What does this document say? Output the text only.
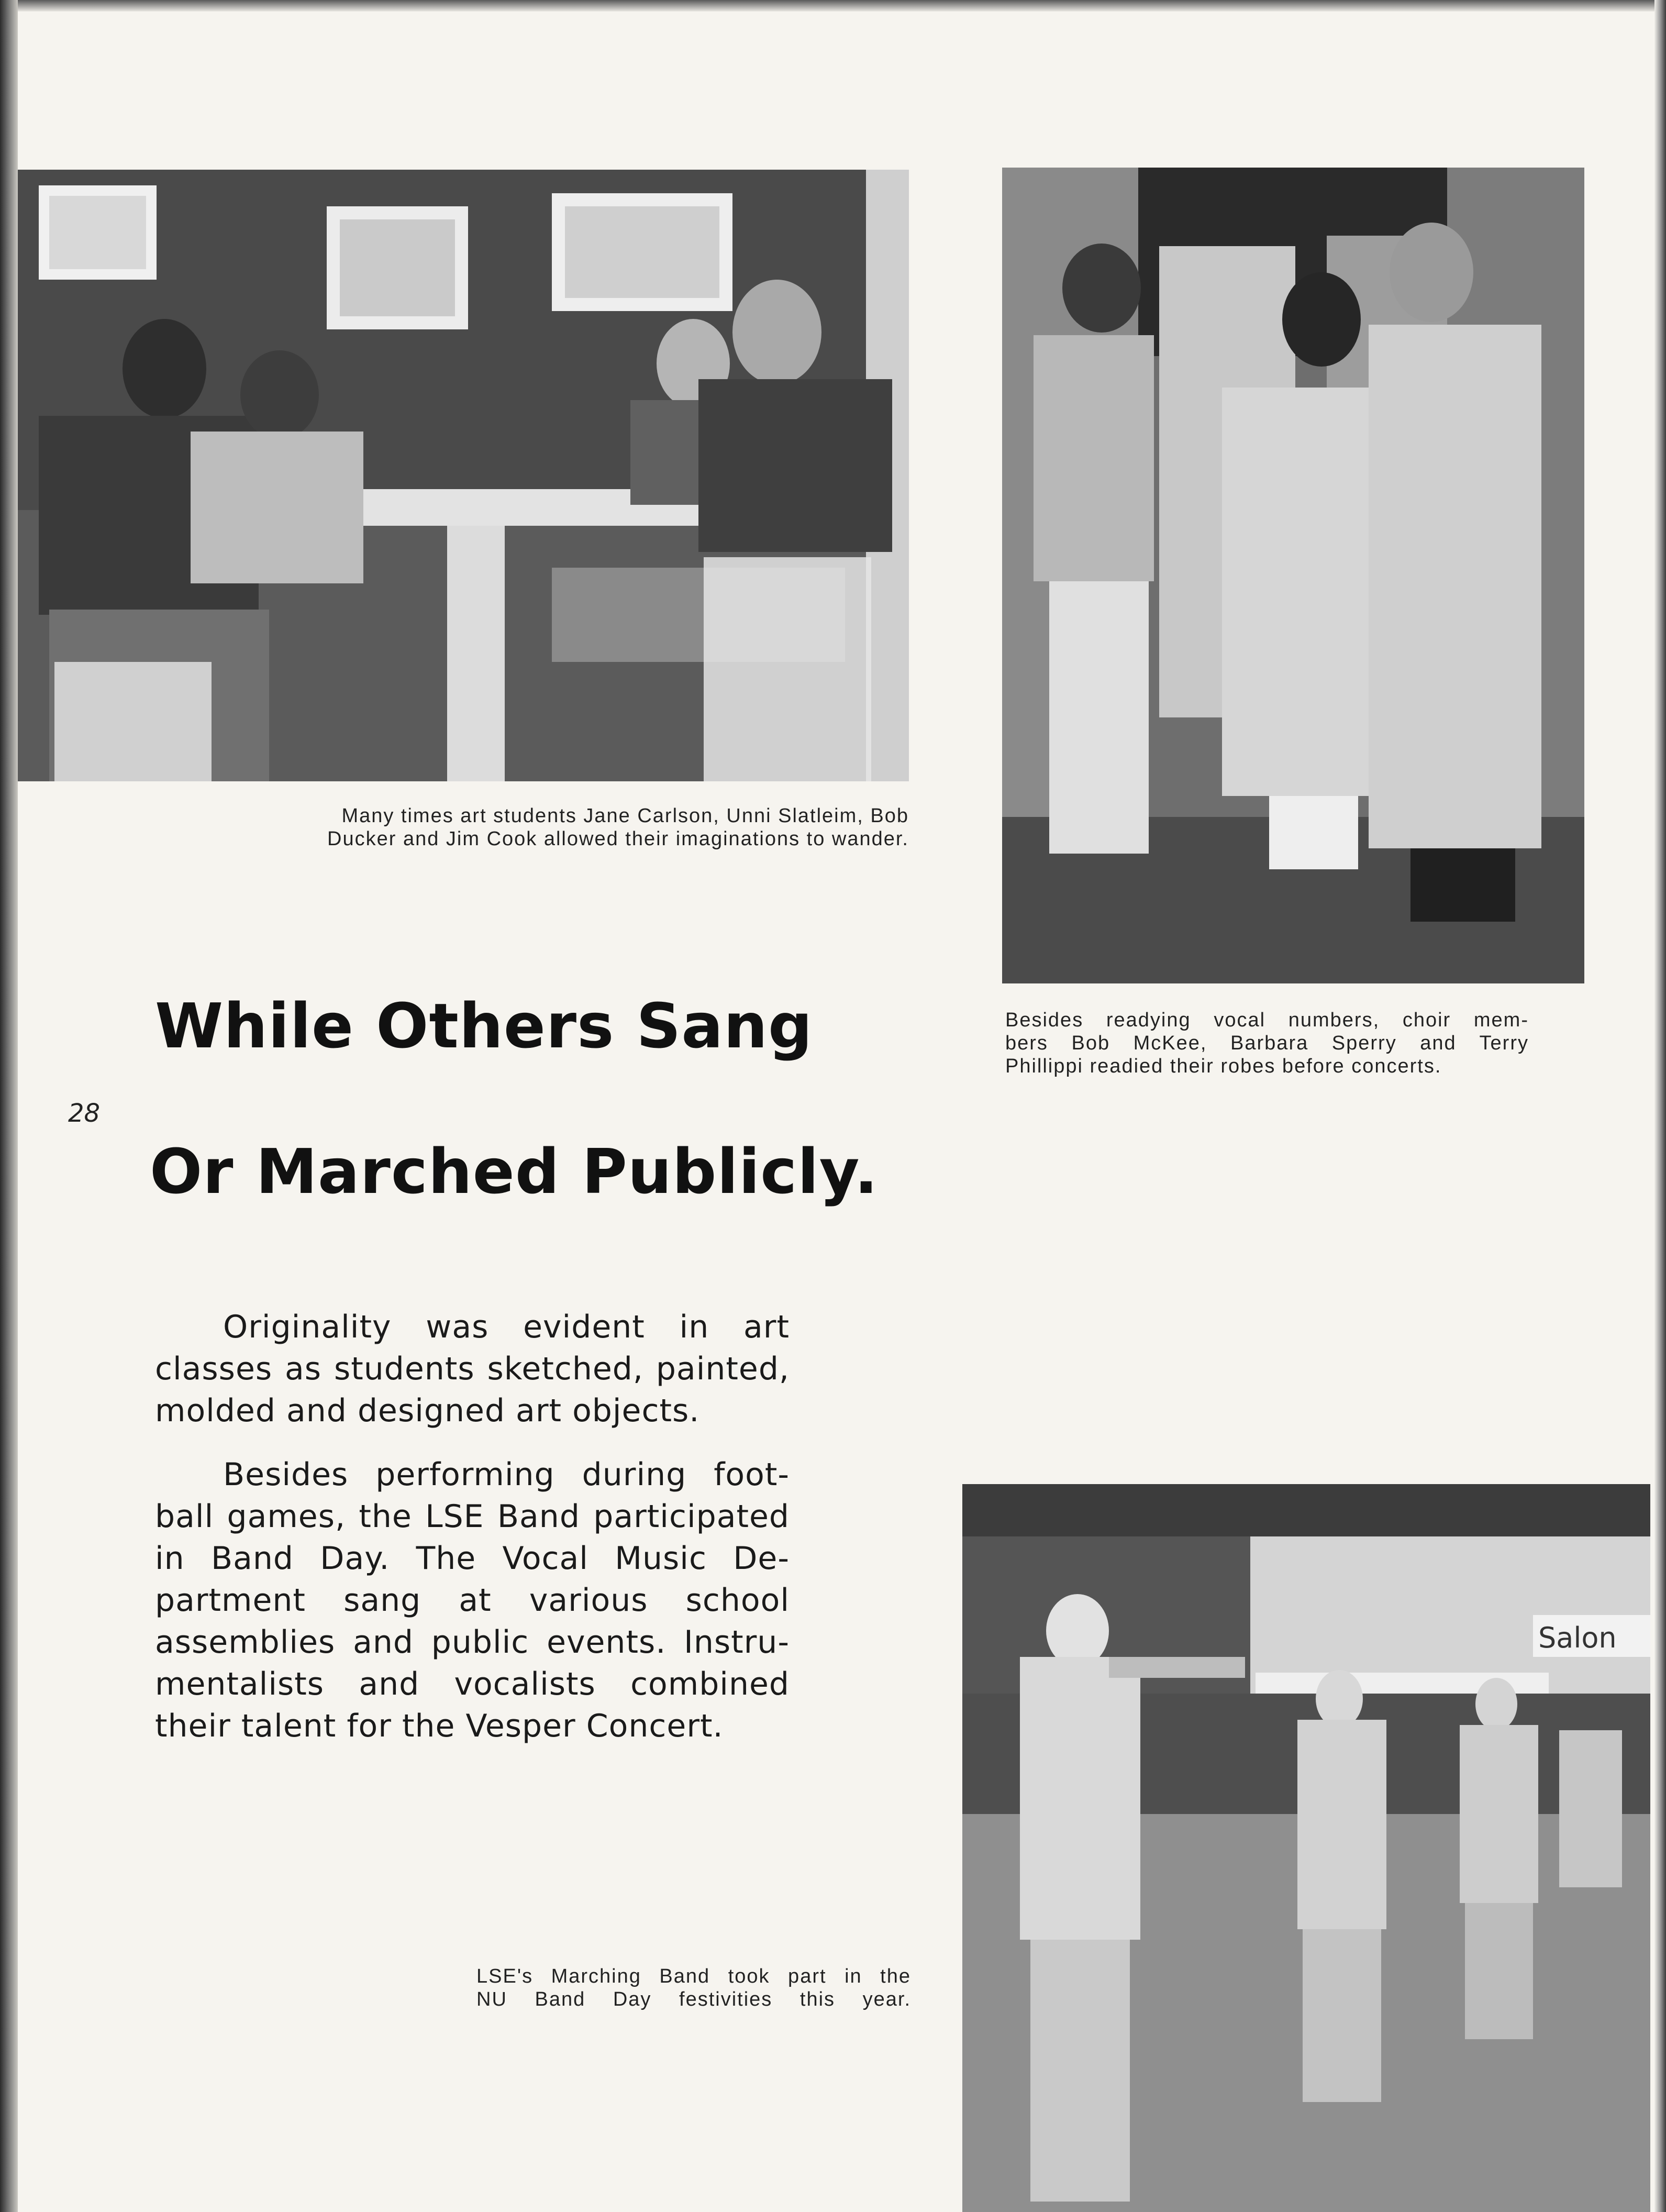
Many times art students Jane Carlson, Unni Slatleim, Bob

Ducker and Jim Cook allowed their imaginations to wander.

Besides readying vocal numbers, choir mem-

bers Bob McKee, Barbara Sperry and Terry

Phillippi readied their robes before concerts.

While Others Sang

28

Or Marched Publicly.

Originality was evident in art classes as students sketched, painted, molded and designed art objects.

Besides performing during foot-ball games, the LSE Band participated in Band Day. The Vocal Music De-partment sang at various school assemblies and public events. Instru-mentalists and vocalists combined their talent for the Vesper Concert.

Salon

LSE's Marching Band took part in the

NU Band Day festivities this year.
